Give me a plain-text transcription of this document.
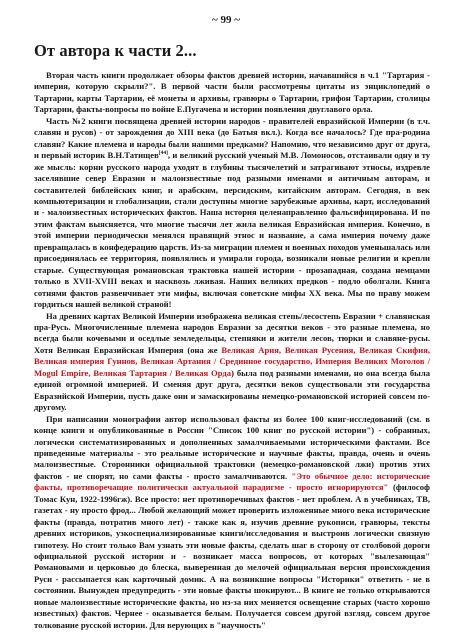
~ 99 ~
От автора к части 2...

Вторая часть книги продолжает обзоры фактов древней истории, начавшийся в ч.1 "Тартария - империя, которую скрыли?". В первой части были рассмотрены цитаты из энциклопедий о Тартарии, карты Тартарии, её монеты и архивы, гравюры о Тартарии, грифон Тартарии, столицы Тартарии, факты-вопросы по войне Е.Пугачева и истории появления двуглавого орла.

Часть №2 книги посвящена древней истории народов - правителей евразийской Империи (в т.ч. славян и русов) - от зарождения до XIII века (до Батыя вкл.). Когда все началось? Где пра-родина славян? Какие племена и народы были нашими предками? Напомню, что независимо друг от друга, и первый историк В.Н.Татищев[44], и великий русский ученый М.В. Ломоносов, отстаивали одну и ту же мысль: корни русского народа уходят в глубины тысячелетий и затрагивают этносы, издревле заселявшие север Евразии и малоизвестные под разными именами и античным авторам, и составителей библейских книг, и арабским, персидским, китайским авторам. Сегодня, в век компьютеризации и глобализации, стали доступны многие зарубежные архивы, карт, исследований и - малоизвестных исторических фактов. Наша история целенаправленно фальсифицирована. И по этим фактам выясняется, что многие тысячи лет жила великая Евразийская империя. Конечно, в этой империи периодически менялся правящий этнос и название, а сама империя почему даже превращалась в конфедерацию царств. Из-за миграции племен и военных походов уменьшалась или присоединялась ее территория, появлялись и умирали города, возникали новые религии и крепли старые. Существующая романовская трактовка нашей истории - прозападная, создана немцами только в XVII-XVIII веках и насквозь лживая. Наших великих предков - подло оболгали. Книга сотнями фактов развенчивает эти мифы, включая советские мифы XX века. Мы по праву можем гордиться нашей великой страной!

На древних картах Великой Империи изображена великая степь/лесостепь Евразии + славянская пра-Русь. Многочисленные племена народов Евразии за десятки веков - это разные племена, но всегда были кочевыми и оседлые земледельцы, степняки и жители лесов, тюрки и славяне-русы. Хотя Великая Евразийская Империя (она же Великая Ария, Великая Русения, Великая Скифия, Великая империя Гуннов, Великая Артания / Срединное государство, Империя Великих Моголов / Mogul Empire, Великая Тартария / Великая Орда) была под разными именами, но она всегда была единой огромной империей. И сменяя друг друга, десятки веков существовали эти государства Евразийской Империи, пусть даже они и замаскированы немецко-романовской историей совсем по-другому.

При написании монографии автор использовал факты из более 100 книг-исследований (см. в конце книги и опубликованные в России "Список 100 книг по русской истории") - собранных, логически систематизированных и дополненных замалчиваемыми историческими фактами. Все приведенные материалы - это реальные исторические и научные факты, правда, очень и очень малоизвестные. Сторонники официальной трактовки (немецко-романовской лжи) против этих фактов - не спорят, но сами факты - просто замалчиваются. "Это обычное дело: исторические факты, противоречащие политически актуальной парадигме - просто игнорируются" (философ Томас Кун, 1922-1996гж). Все просто: нет противоречивых фактов - нет проблем. А в учебниках, ТВ, газетах - ну просто фрод... Любой желающий может проверить изложенные много века исторические факты (правда, потратив много лет) - также как я, изучив древние рукописи, гравюры, тексты древних историков, узкоспециализированные книги/исследования и выстроив логически связную гипотезу. Но стоит только Вам узнать эти новые факты, сделать шаг в сторону от столбовой дороги официальной русской истории и - возникает масса вопросов, от которых "вылезающая" Романовыми и церковью до блеска, выверенная до мелочей официальная версия происхождения Руси - рассыпается как карточный домик. А на возникшие вопросы "Историки" ответить - не в состоянии. Вынужден предупредить - эти новые факты шокируют... В книге не только открываются новые малоизвестные исторические факты, но из-за них меняется освещение старых (часто хорошо известных) фактов. Чернее - оказывается белым. Получается совсем другой взгляд, совсем другое толкование русской истории. Для верующих в "научность"
